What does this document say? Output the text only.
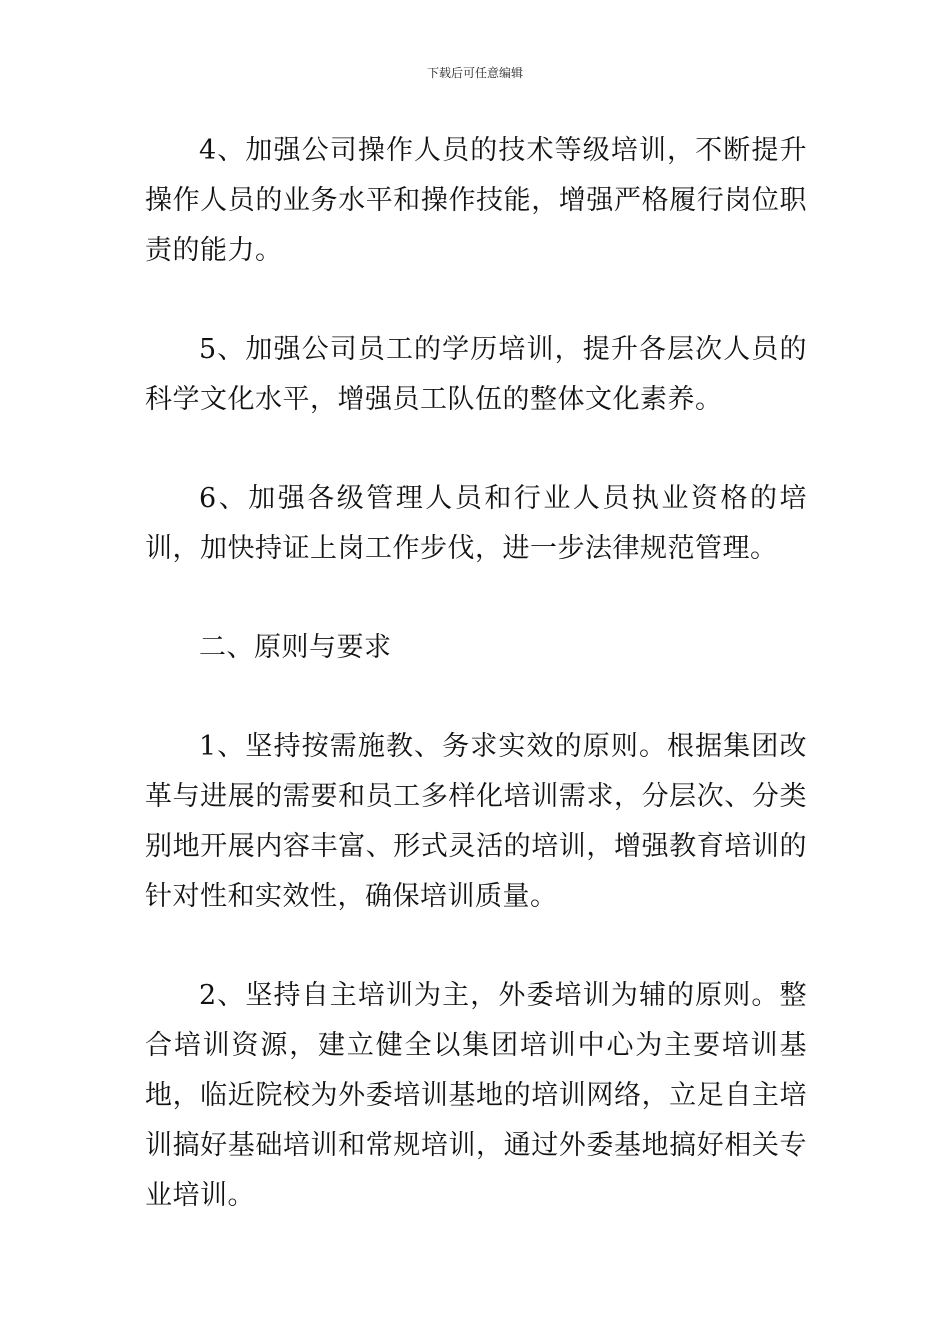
下载后可任意编辑

4、加强公司操作人员的技术等级培训，不断提升操作人员的业务水平和操作技能，增强严格履行岗位职责的能力。

5、加强公司员工的学历培训，提升各层次人员的科学文化水平，增强员工队伍的整体文化素养。

6、加强各级管理人员和行业人员执业资格的培训，加快持证上岗工作步伐，进一步法律规范管理。

二、原则与要求

1、坚持按需施教、务求实效的原则。根据集团改革与进展的需要和员工多样化培训需求，分层次、分类别地开展内容丰富、形式灵活的培训，增强教育培训的针对性和实效性，确保培训质量。

2、坚持自主培训为主，外委培训为辅的原则。整合培训资源，建立健全以集团培训中心为主要培训基地，临近院校为外委培训基地的培训网络，立足自主培训搞好基础培训和常规培训，通过外委基地搞好相关专业培训。
